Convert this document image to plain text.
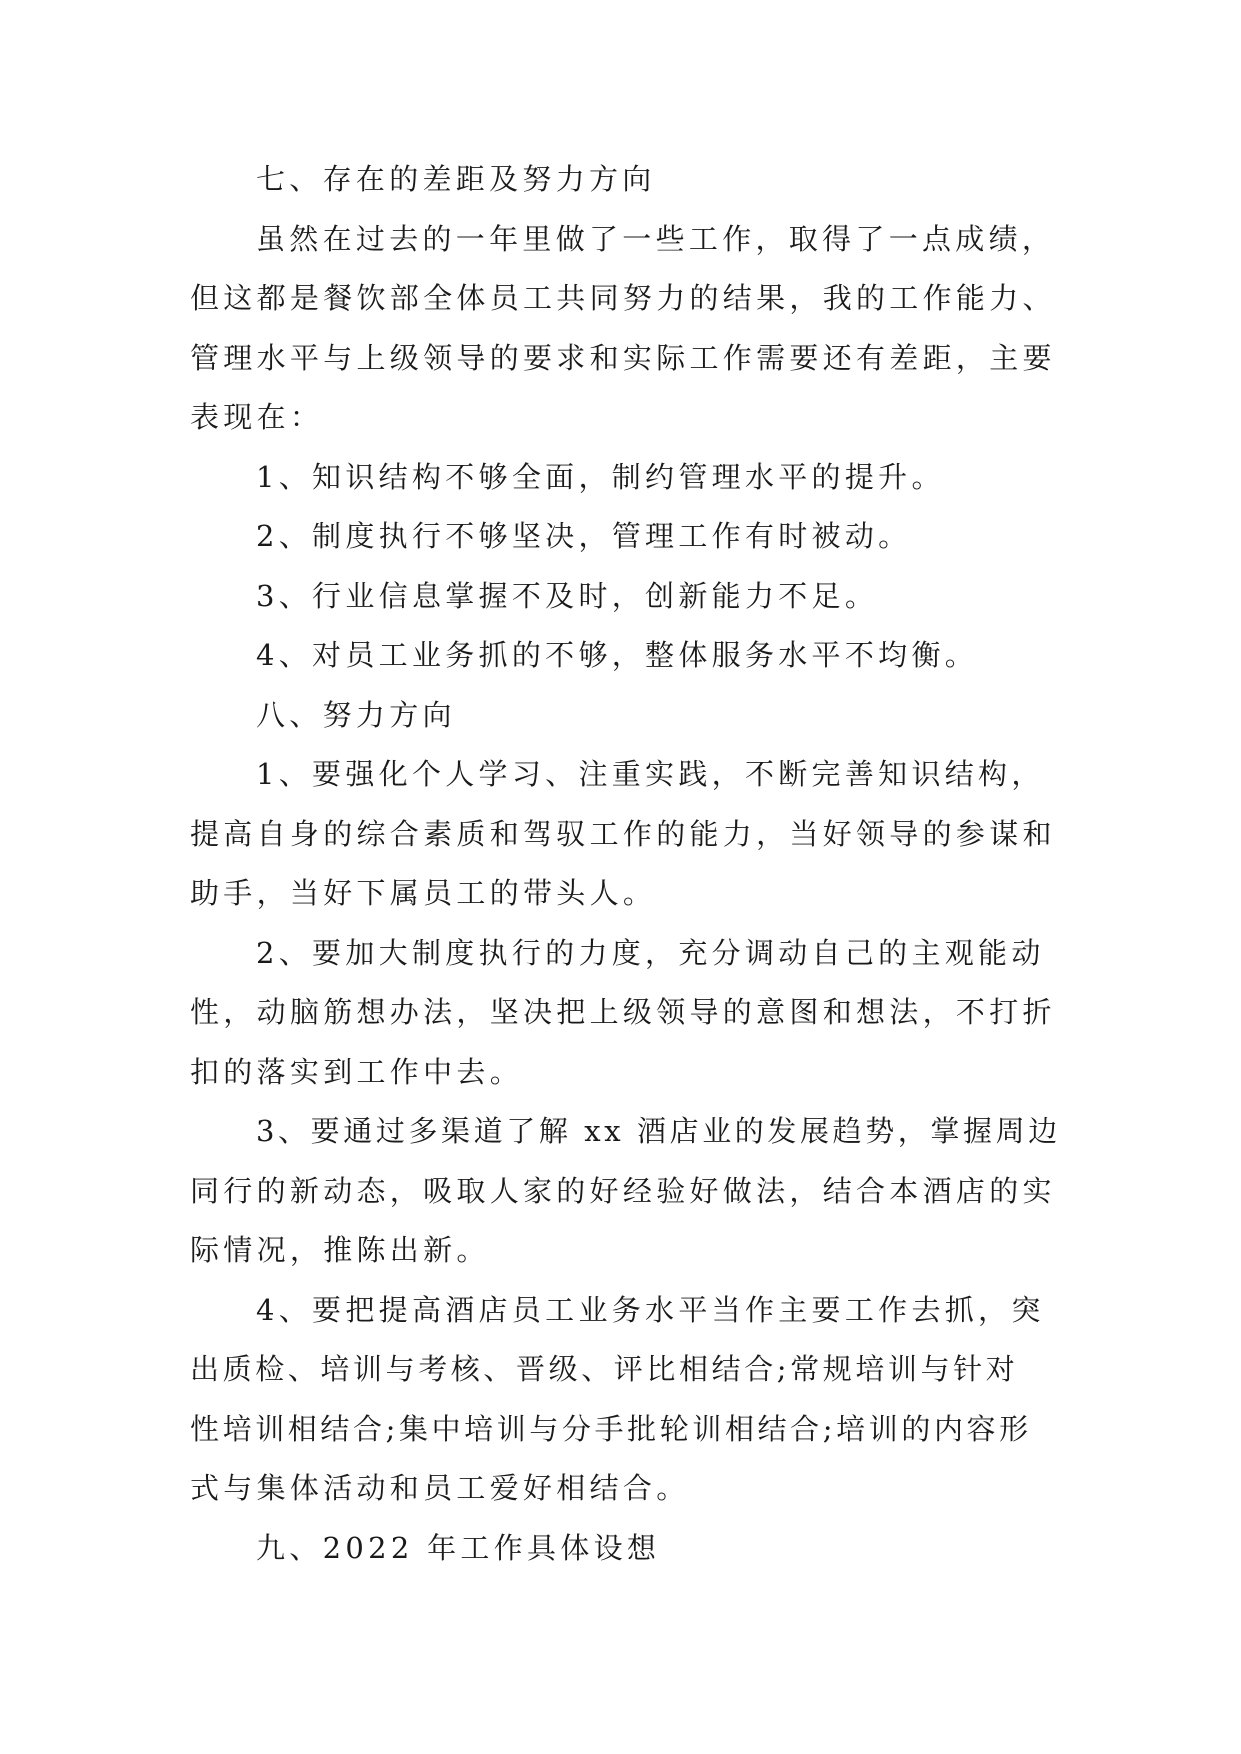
七、存在的差距及努力方向
虽然在过去的一年里做了一些工作，取得了一点成绩，
但这都是餐饮部全体员工共同努力的结果，我的工作能力、
管理水平与上级领导的要求和实际工作需要还有差距，主要
表现在：
1、知识结构不够全面，制约管理水平的提升。
2、制度执行不够坚决，管理工作有时被动。
3、行业信息掌握不及时，创新能力不足。
4、对员工业务抓的不够，整体服务水平不均衡。
八、努力方向
1、要强化个人学习、注重实践，不断完善知识结构，
提高自身的综合素质和驾驭工作的能力，当好领导的参谋和
助手，当好下属员工的带头人。
2、要加大制度执行的力度，充分调动自己的主观能动
性，动脑筋想办法，坚决把上级领导的意图和想法，不打折
扣的落实到工作中去。
3、要通过多渠道了解 xx 酒店业的发展趋势，掌握周边
同行的新动态，吸取人家的好经验好做法，结合本酒店的实
际情况，推陈出新。
4、要把提高酒店员工业务水平当作主要工作去抓，突
出质检、培训与考核、晋级、评比相结合;常规培训与针对
性培训相结合;集中培训与分手批轮训相结合;培训的内容形
式与集体活动和员工爱好相结合。
九、2022 年工作具体设想
